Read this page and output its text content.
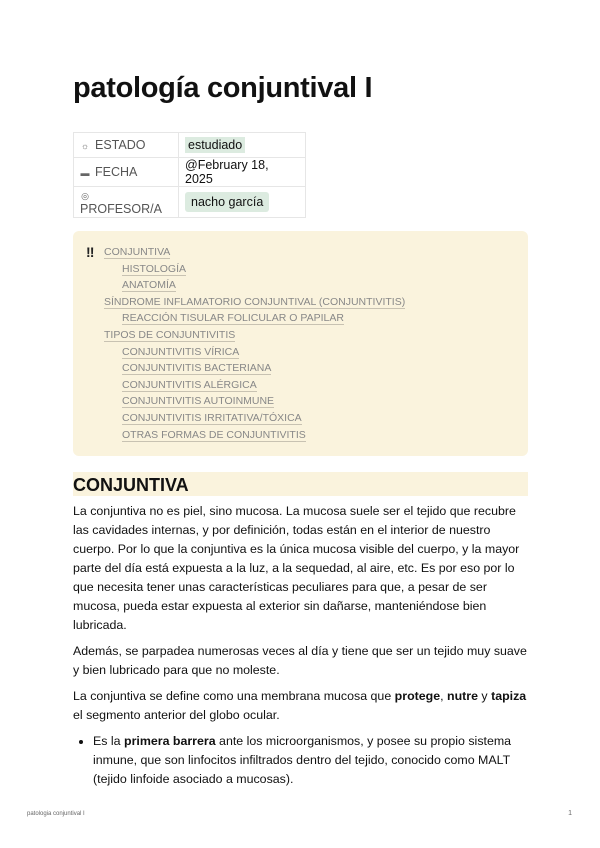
patología conjuntival I
☼ ESTADO	estudiado
▬ FECHA	@February 18, 2025
◎PROFESOR/A	nacho garcía
‼ CONJUNTIVA
HISTOLOGÍA
ANATOMÍA
SÍNDROME INFLAMATORIO CONJUNTIVAL (CONJUNTIVITIS)
REACCIÓN TISULAR FOLICULAR O PAPILAR
TIPOS DE CONJUNTIVITIS
CONJUNTIVITIS VÍRICA
CONJUNTIVITIS BACTERIANA
CONJUNTIVITIS ALÉRGICA
CONJUNTIVITIS AUTOINMUNE
CONJUNTIVITIS IRRITATIVA/TÓXICA
OTRAS FORMAS DE CONJUNTIVITIS
CONJUNTIVA

La conjuntiva no es piel, sino mucosa. La mucosa suele ser el tejido que recubre las cavidades internas, y por definición, todas están en el interior de nuestro cuerpo. Por lo que la conjuntiva es la única mucosa visible del cuerpo, y la mayor parte del día está expuesta a la luz, a la sequedad, al aire, etc. Es por eso por lo que necesita tener unas características peculiares para que, a pesar de ser mucosa, pueda estar expuesta al exterior sin dañarse, manteniéndose bien lubricada.

Además, se parpadea numerosas veces al día y tiene que ser un tejido muy suave y bien lubricado para que no moleste.

La conjuntiva se define como una membrana mucosa que protege, nutre y tapiza el segmento anterior del globo ocular.

• Es la primera barrera ante los microorganismos, y posee su propio sistema inmune, que son linfocitos infiltrados dentro del tejido, conocido como MALT (tejido linfoide asociado a mucosas).
patologia conjuntival I	1
